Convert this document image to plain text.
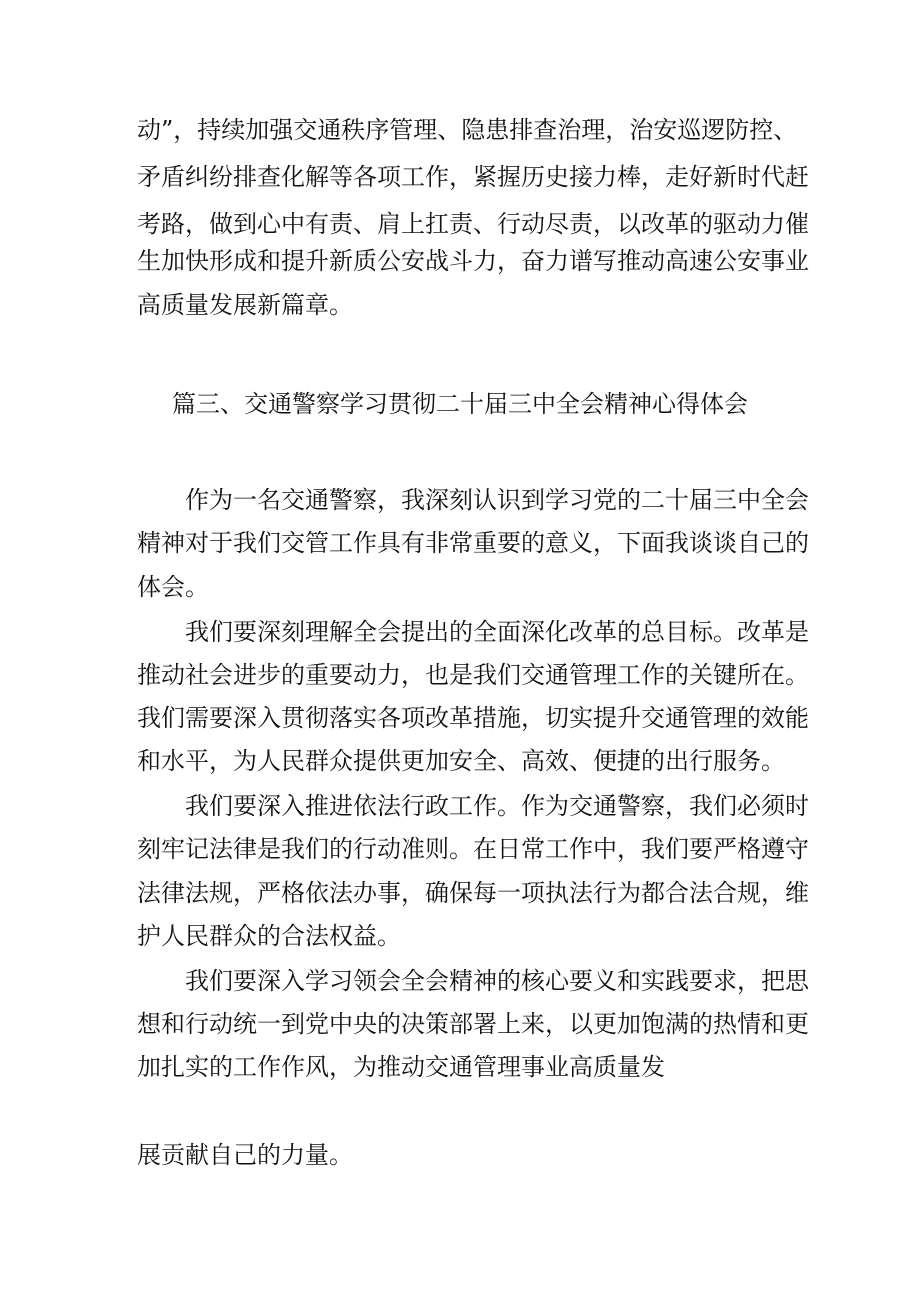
动”，持续加强交通秩序管理、隐患排查治理，治安巡逻防控、
矛盾纠纷排查化解等各项工作，紧握历史接力棒，走好新时代赶
考路，做到心中有责、肩上扛责、行动尽责，以改革的驱动力催
生加快形成和提升新质公安战斗力，奋力谱写推动高速公安事业
高质量发展新篇章。
篇三、交通警察学习贯彻二十届三中全会精神心得体会
作为一名交通警察，我深刻认识到学习党的二十届三中全会
精神对于我们交管工作具有非常重要的意义，下面我谈谈自己的
体会。
我们要深刻理解全会提出的全面深化改革的总目标。改革是
推动社会进步的重要动力，也是我们交通管理工作的关键所在。
我们需要深入贯彻落实各项改革措施，切实提升交通管理的效能
和水平，为人民群众提供更加安全、高效、便捷的出行服务。
我们要深入推进依法行政工作。作为交通警察，我们必须时
刻牢记法律是我们的行动准则。在日常工作中，我们要严格遵守
法律法规，严格依法办事，确保每一项执法行为都合法合规，维
护人民群众的合法权益。
我们要深入学习领会全会精神的核心要义和实践要求，把思
想和行动统一到党中央的决策部署上来，以更加饱满的热情和更
加扎实的工作作风，为推动交通管理事业高质量发
展贡献自己的力量。
